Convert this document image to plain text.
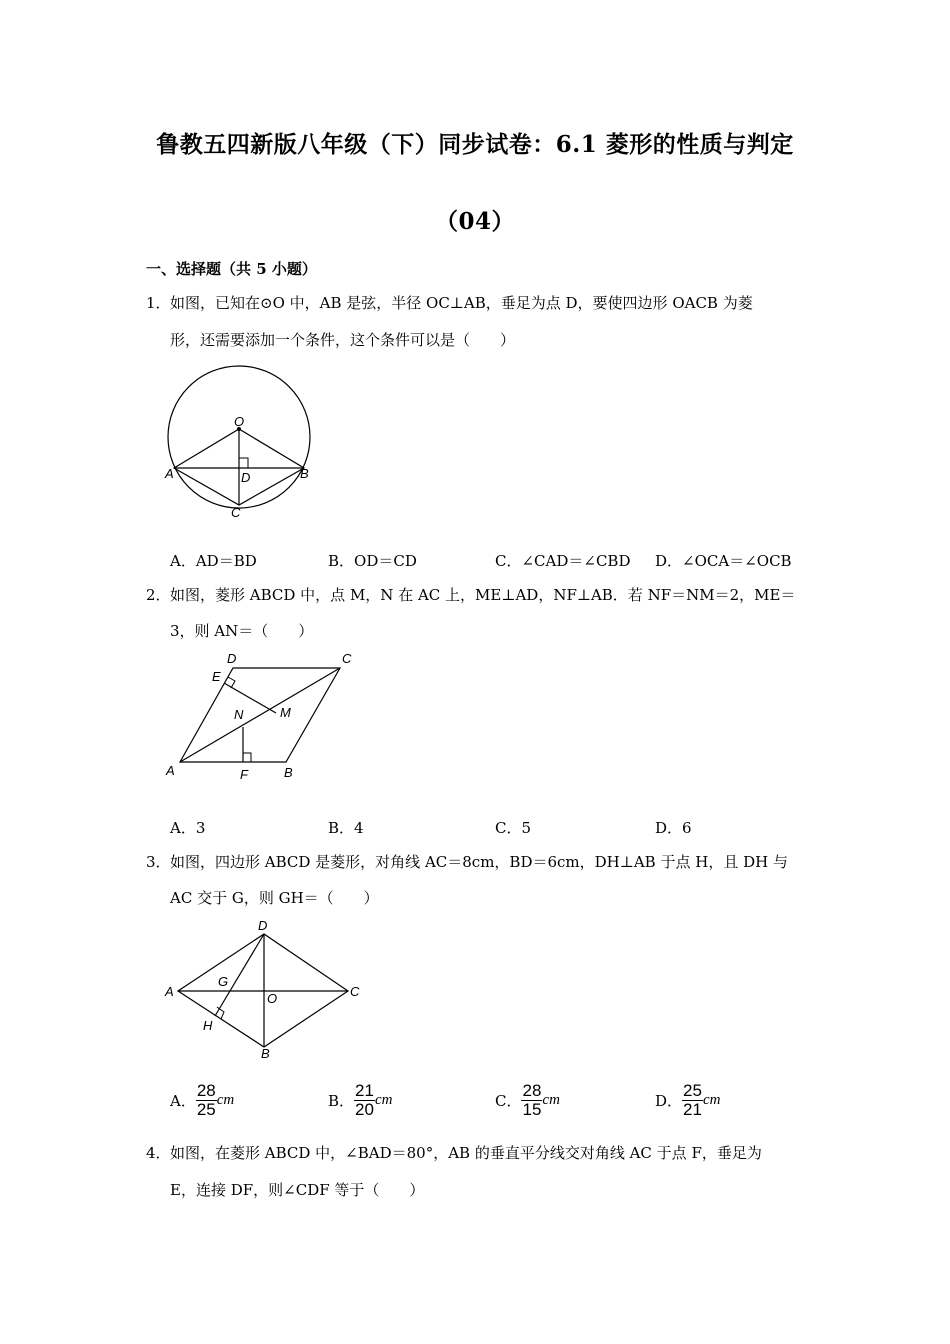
鲁教五四新版八年级（下）同步试卷：6.1 菱形的性质与判定
（04）
一、选择题（共 5 小题）
1． 如图，已知在⊙O 中，AB 是弦，半径 OC⊥AB，垂足为点 D，要使四边形 OACB 为菱
形，还需要添加一个条件，这个条件可以是（　　）
O
A	B
D
C
A．AD＝BD	B．OD＝CD	C．∠CAD＝∠CBD D．∠OCA＝∠OCB
2． 如图，菱形 ABCD 中，点 M，N 在 AC 上，ME⊥AD，NF⊥AB．若 NF＝NM＝2，ME＝
3，则 AN＝（　　）
D	C
E
N	M
A	F	B
A．3	B．4	C．5	D．6
3． 如图，四边形 ABCD 是菱形，对角线 AC＝8cm，BD＝6cm，DH⊥AB 于点 H，且 DH 与
AC 交于 G，则 GH＝（　　）
D
G
A	O	C
H
B
A． $\frac{28}{25}$ cm	B． $\frac{21}{20}$ cm	C． $\frac{28}{15}$ cm	D． $\frac{25}{21}$ cm
4． 如图，在菱形 ABCD 中，∠BAD＝80°，AB 的垂直平分线交对角线 AC 于点 F，垂足为
E，连接 DF，则∠CDF 等于（　　）
